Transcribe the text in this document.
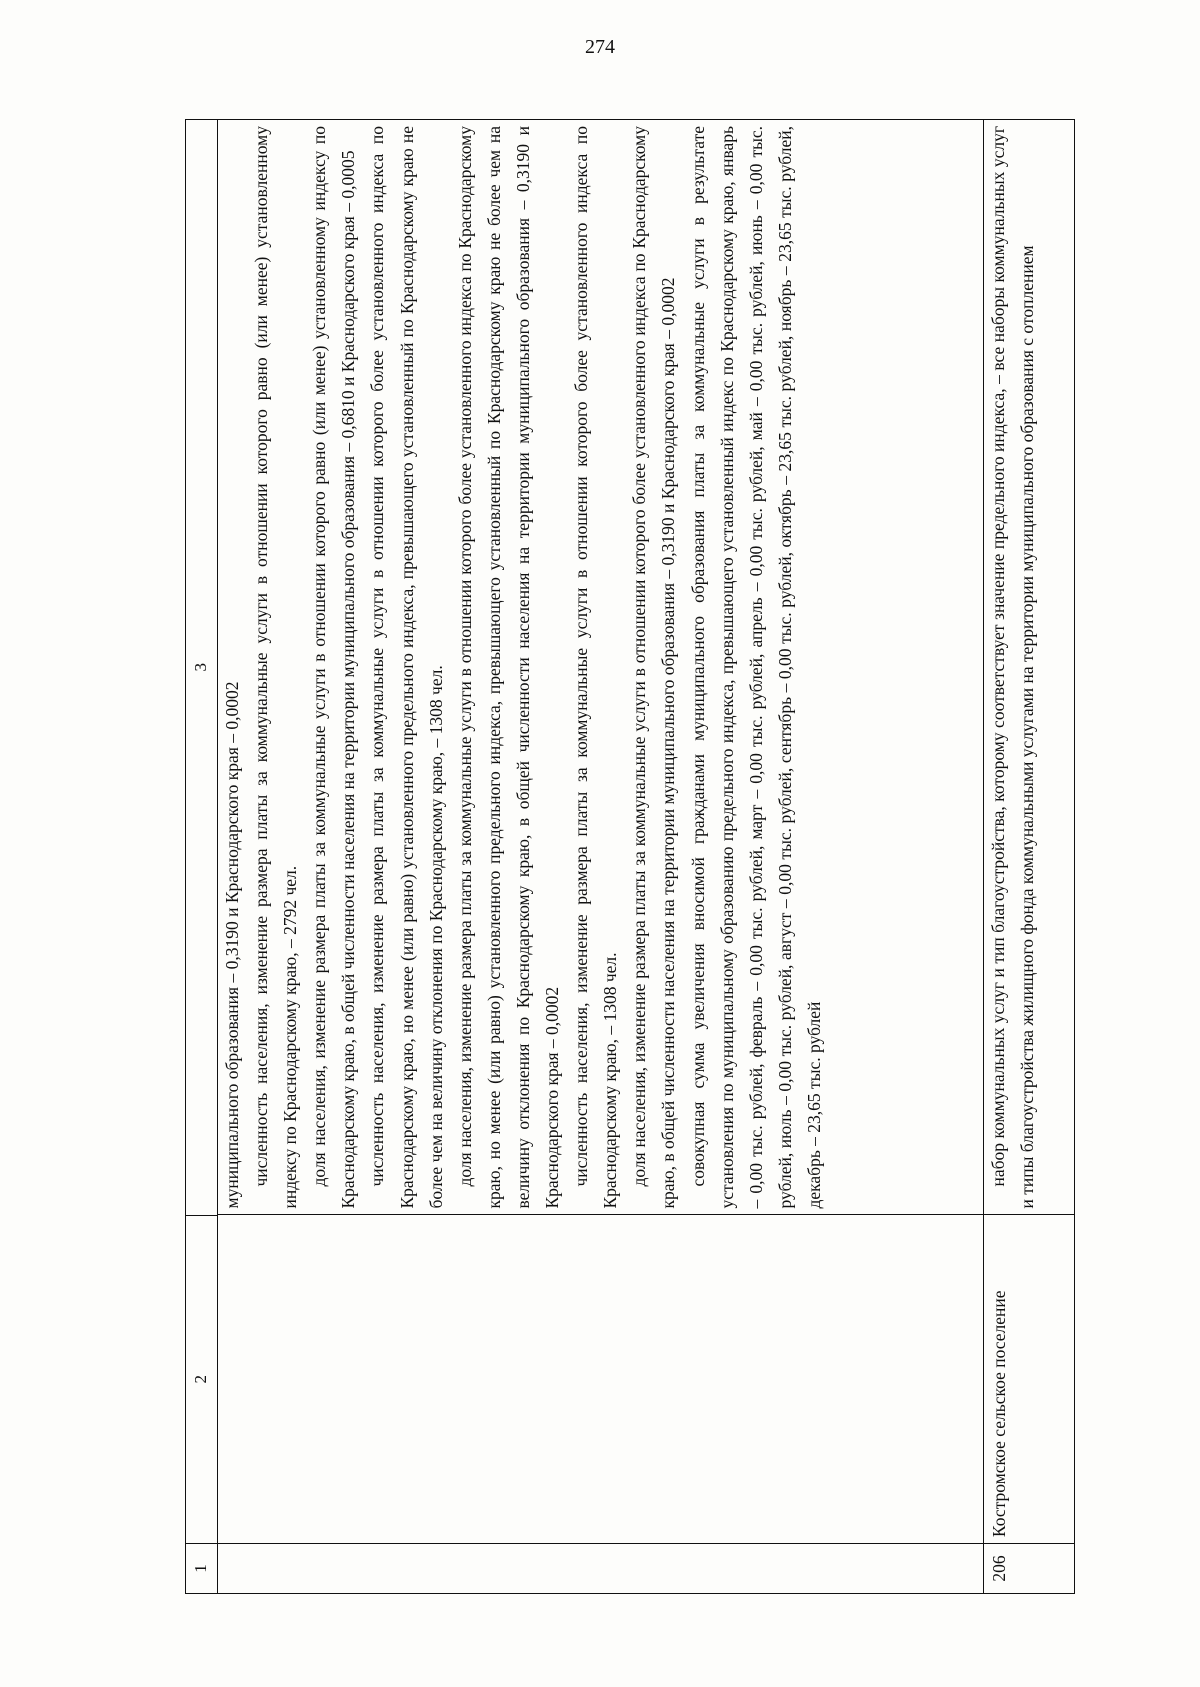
274
1
2
3

муниципального образования – 0,3190 и Краснодарского края – 0,0002 численность населения, изменение размера платы за коммунальные услуги в отношении которого равно (или менее) установленному индексу по Краснодарскому краю, – 2792 чел. доля населения, изменение размера платы за коммунальные услуги в отношении которого равно (или менее) установленному индексу по Краснодарскому краю, в общей численности населения на территории муниципального образования – 0,6810 и Краснодарского края – 0,0005 численность населения, изменение размера платы за коммунальные услуги в отношении которого более установленного индекса по Краснодарскому краю, но менее (или равно) установленного предельного индекса, превышающего установленный по Краснодарскому краю не более чем на величину отклонения по Краснодарскому краю, – 1308 чел. доля населения, изменение размера платы за коммунальные услуги в отношении которого более установленного индекса по Краснодарскому краю, но менее (или равно) установленного предельного индекса, превышающего установленный по Краснодарскому краю не более чем на величину отклонения по Краснодарскому краю, в общей численности населения на территории муниципального образования – 0,3190 и Краснодарского края – 0,0002 численность населения, изменение размера платы за коммунальные услуги в отношении которого более установленного индекса по Краснодарскому краю, – 1308 чел. доля населения, изменение размера платы за коммунальные услуги в отношении которого более установленного индекса по Краснодарскому краю, в общей численности населения на территории муниципального образования – 0,3190 и Краснодарского края – 0,0002 совокупная сумма увеличения вносимой гражданами муниципального образования платы за коммунальные услуги в результате установления по муниципальному образованию предельного индекса, превышающего установленный индекс по Краснодарскому краю, январь – 0,00 тыс. рублей, февраль – 0,00 тыс. рублей, март – 0,00 тыс. рублей, апрель – 0,00 тыс. рублей, май – 0,00 тыс. рублей, июнь – 0,00 тыс. рублей, июль – 0,00 тыс. рублей, август – 0,00 тыс. рублей, сентябрь – 0,00 тыс. рублей, октябрь – 23,65 тыс. рублей, ноябрь – 23,65 тыс. рублей, декабрь – 23,65 тыс. рублей

206
Костромское сельское поселение

набор коммунальных услуг и тип благоустройства, которому соответствует значение предельного индекса, – все наборы коммунальных услуг и типы благоустройства жилищного фонда коммунальными услугами на территории муниципального образования с отоплением
